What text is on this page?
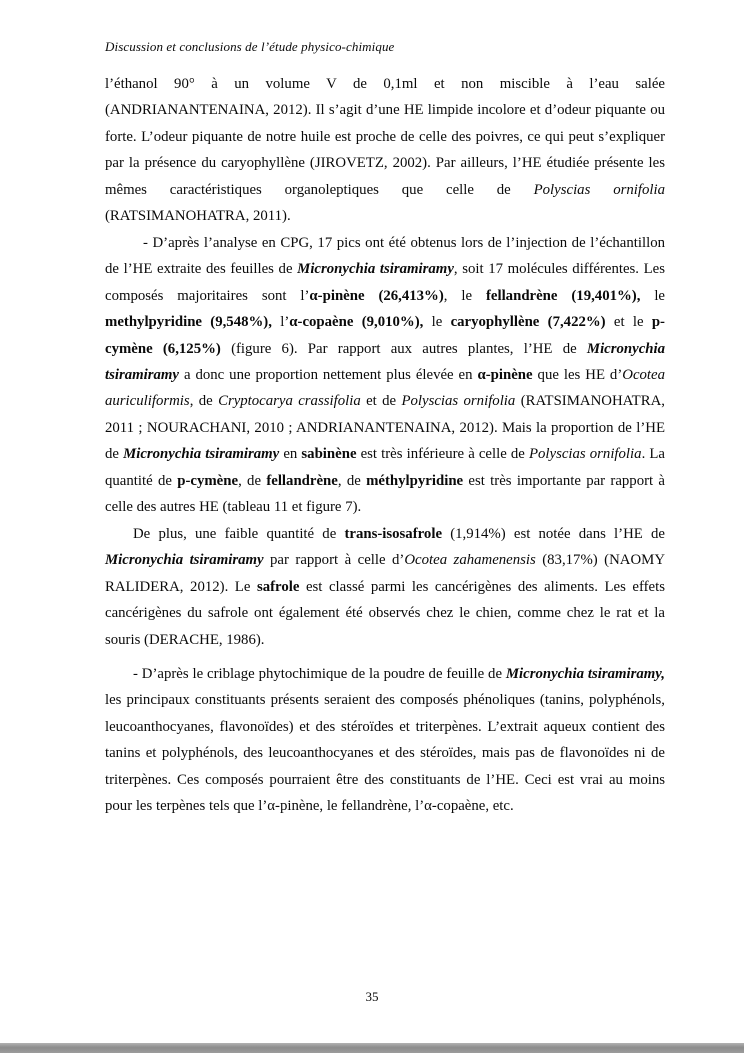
Discussion et conclusions de l’étude physico-chimique

l’éthanol 90° à un volume V de 0,1ml et non miscible à l’eau salée (ANDRIANANTENAINA, 2012). Il s’agit d’une HE limpide incolore et d’odeur piquante ou forte. L’odeur piquante de notre huile est proche de celle des poivres, ce qui peut s’expliquer par la présence du caryophyllène (JIROVETZ, 2002). Par ailleurs, l’HE étudiée présente les mêmes caractéristiques organoleptiques que celle de Polyscias ornifolia (RATSIMANOHATRA, 2011).

- D’après l’analyse en CPG, 17 pics ont été obtenus lors de l’injection de l’échantillon de l’HE extraite des feuilles de Micronychia tsiramiramy, soit 17 molécules différentes. Les composés majoritaires sont l’α-pinène (26,413%), le fellandrène (19,401%), le methylpyridine (9,548%), l’α-copaène (9,010%), le caryophyllène (7,422%) et le p-cymène (6,125%) (figure 6). Par rapport aux autres plantes, l’HE de Micronychia tsiramiramy a donc une proportion nettement plus élevée en α-pinène que les HE d’Ocotea auriculiformis, de Cryptocarya crassifolia et de Polyscias ornifolia (RATSIMANOHATRA, 2011 ; NOURACHANI, 2010 ; ANDRIANANTENAINA, 2012). Mais la proportion de l’HE de Micronychia tsiramiramy en sabinène est très inférieure à celle de Polyscias ornifolia. La quantité de p-cymène, de fellandrène, de méthylpyridine est très importante par rapport à celle des autres HE (tableau 11 et figure 7).

De plus, une faible quantité de trans-isosafrole (1,914%) est notée dans l’HE de Micronychia tsiramiramy par rapport à celle d’Ocotea zahamenensis (83,17%) (NAOMY RALIDERA, 2012). Le safrole est classé parmi les cancérigènes des aliments. Les effets cancérigènes du safrole ont également été observés chez le chien, comme chez le rat et la souris (DERACHE, 1986).

- D’après le criblage phytochimique de la poudre de feuille de Micronychia tsiramiramy, les principaux constituants présents seraient des composés phénoliques (tanins, polyphénols, leucoanthocyanes, flavonoïdes) et des stéroïdes et triterpènes. L’extrait aqueux contient des tanins et polyphénols, des leucoanthocyanes et des stéroïdes, mais pas de flavonoïdes ni de triterpènes. Ces composés pourraient être des constituants de l’HE. Ceci est vrai au moins pour les terpènes tels que l’α-pinène, le fellandrène, l’α-copaène, etc.

35
